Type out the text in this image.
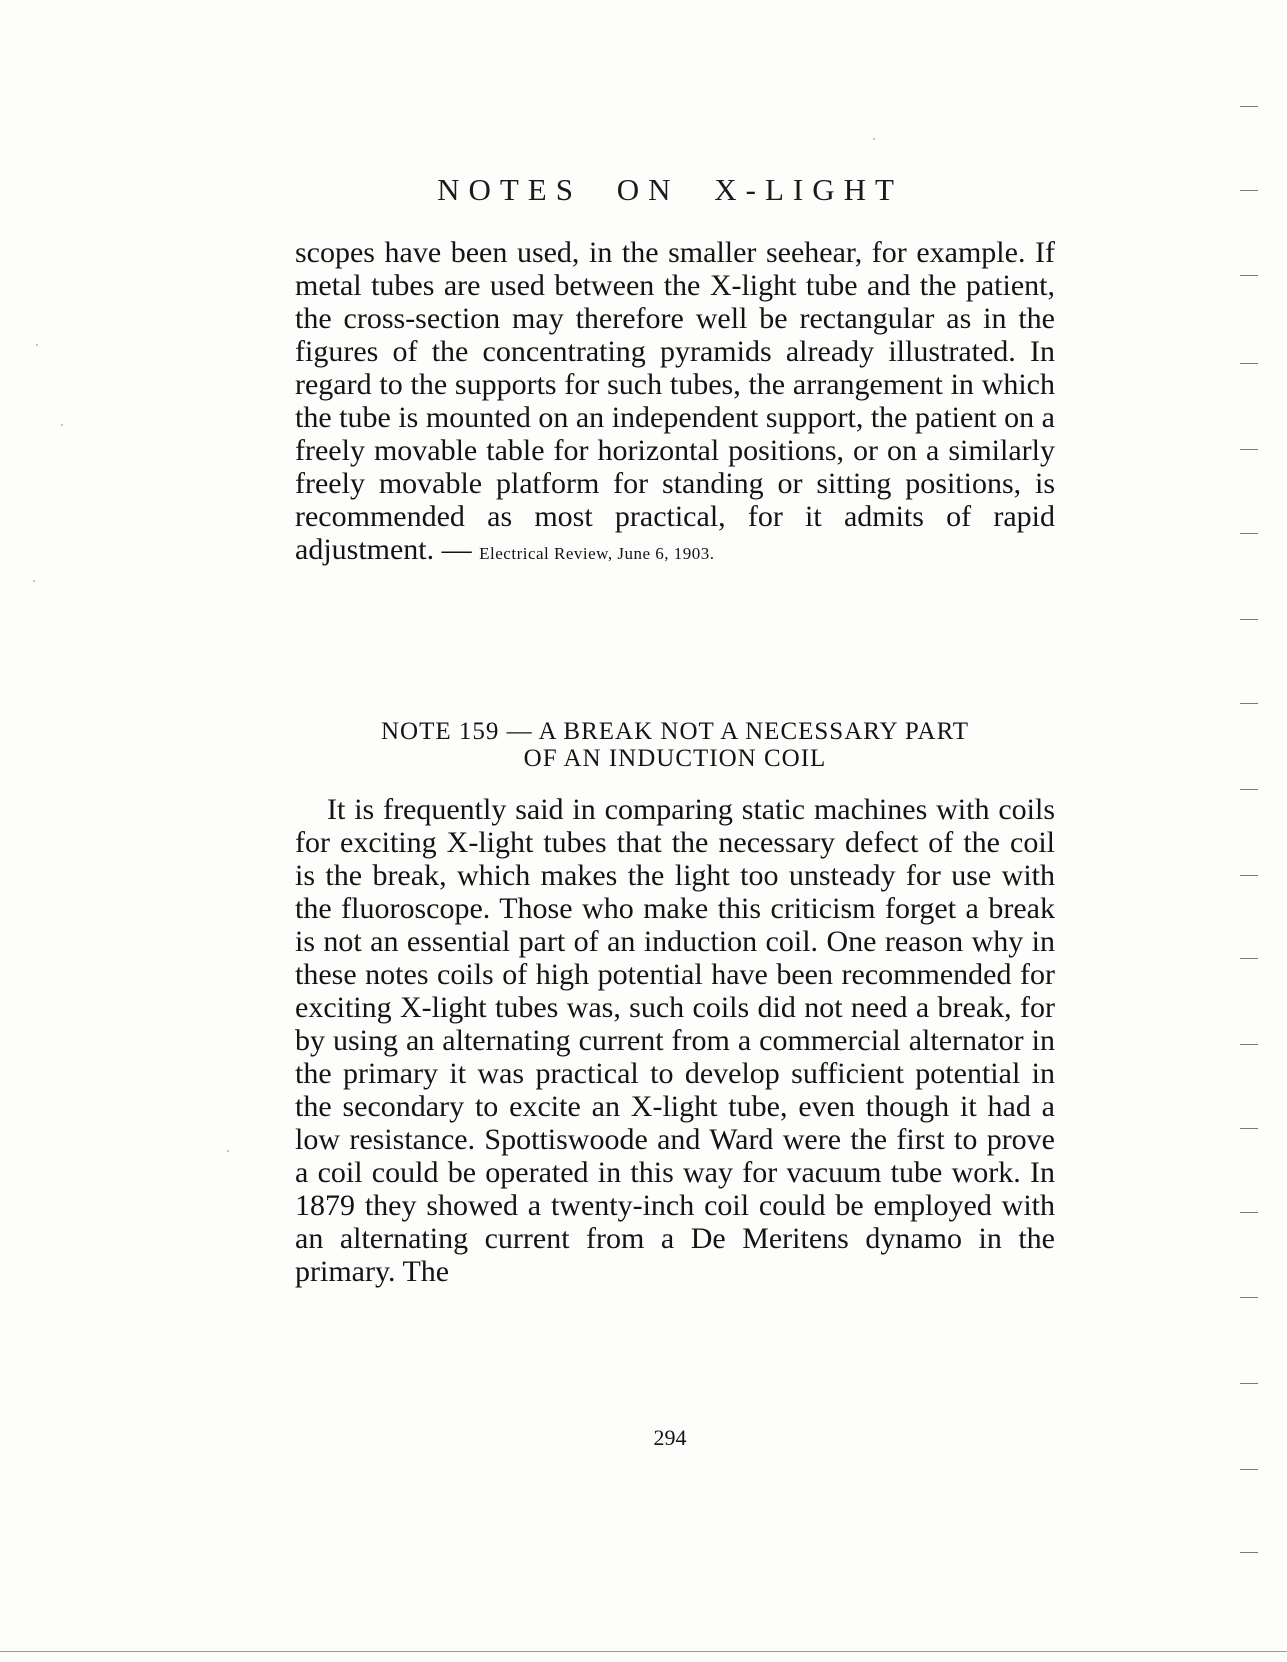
NOTES ON X-LIGHT

scopes have been used, in the smaller seehear, for example. If metal tubes are used between the X-light tube and the patient, the cross-section may therefore well be rectangular as in the figures of the concentrating pyramids already illustrated. In regard to the supports for such tubes, the arrangement in which the tube is mounted on an independent support, the patient on a freely movable table for horizontal positions, or on a similarly freely movable platform for standing or sitting positions, is recommended as most practical, for it admits of rapid adjustment. — Electrical Review, June 6, 1903.

NOTE 159 — A BREAK NOT A NECESSARY PART
OF AN INDUCTION COIL

It is frequently said in comparing static machines with coils for exciting X-light tubes that the necessary defect of the coil is the break, which makes the light too unsteady for use with the fluoroscope. Those who make this criticism forget a break is not an essential part of an induction coil. One reason why in these notes coils of high potential have been recommended for exciting X-light tubes was, such coils did not need a break, for by using an alternating current from a commercial alternator in the primary it was practical to develop sufficient potential in the secondary to excite an X-light tube, even though it had a low resistance. Spottiswoode and Ward were the first to prove a coil could be operated in this way for vacuum tube work. In 1879 they showed a twenty-inch coil could be employed with an alternating current from a De Meritens dynamo in the primary. The

294
